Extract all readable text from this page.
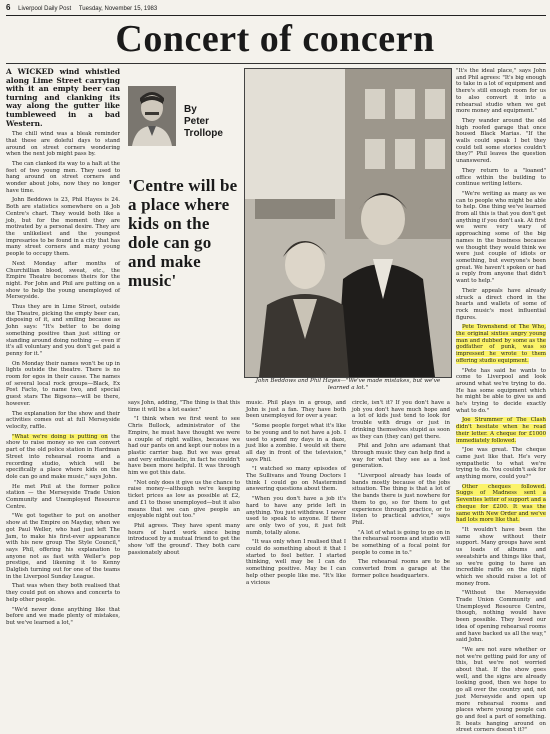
6 Liverpool Daily Post Tuesday, November 15, 1983
Concert of concern

A WICKED wind whistled along Lime Street carrying with it an empty beer can turning and clanking its way along the gutter like tumbleweed in a bad Western.

The chill wind was a bleak reminder that these are doleful days to stand around on street corners wondering when the next job might pass by.

The can clanked its way to a halt at the feet of two young men. They used to hang around on street corners and wonder about jobs, now they no longer have time.

John Beddows is 23, Phil Hayes is 24. Both are statistics somewhere on a Job Centre's chart. They would both like a job, but for the moment they are motivated by a personal desire. They are the unlikeliest and the youngest impresarios to be found in a city that has many street corners and many young people to occupy them.

Next Monday after months of Churchillian blood, sweat, etc., the Empire Theatre becomes theirs for the night. For John and Phil are putting on a show to help the young unemployed of Merseyside.

Thus they are in Lime Street, outside the Theatre, picking the empty beer can, disposing of it, and smiling because as John says: "It's better to be doing something positive than just sitting or standing around doing nothing — even if it's all voluntary and you don't get paid a penny for it."

On Monday their names won't be up in lights outside the theatre. There is no room for egos in their cause. The names of several local rock groups—Black, Ex Post Facto, to name two, and special guest stars The Bigsons—will be there, however.

The explanation for the show and their activities comes out at full Merseyside velocity, raffle.

"What we're doing is putting on the show to raise money so we can convert part of the old police station in Hardman Street into rehearsal rooms and a recording studio, which will be specifically a place where kids on the dole can go and make music," says John.

He met Phil at the former police station — the Merseyside Trade Union Community and Unemployed Resource Centre.

"We got together to put on another show at the Empire on Mayday, when we got Paul Weller, who had just left The Jam, to make his first-ever appearance with his new group The Style Council," says Phil, offering his explanation to anyone not as fast with Weller's pop prestige, and likening it to Kenny Dalglish turning out for one of the teams in the Liverpool Sunday League.

That was when they both realised that they could put on shows and concerts to help other people.

"We'd never done anything like that before and we made plenty of mistakes, but we've learned a lot,"

By
Peter
Trollope
'Centre will be a place where kids on the dole can go and make music'
John Beddows and Phil Hayes—"We've made mistakes, but we've learned a lot."

says John, adding, "The thing is that this time it will be a lot easier."

"I think when we first went to see Chris Bullock, administrator of the Empire, he must have thought we were a couple of right wallies, because we had our pants on and kept our notes in a plastic carrier bag. But we was great and very enthusiastic, in fact he couldn't have been more helpful. It was through him we got this date.

"Not only does it give us the chance to raise money—although we're keeping ticket prices as low as possible at £2, and £1 to those unemployed—but it also means that we can give people an enjoyable night out too."

Phil agrees. They have spent many hours of hard work since being introduced by a mutual friend to get the show 'off the ground'. They both care passionately about

music. Phil plays in a group, and John is just a fan. They have both been unemployed for over a year.

"Some people forget what it's like to be young and to not have a job. I used to spend my days in a daze, just like a zombie. I would sit there all day in front of the television," says Phil.

"I watched so many episodes of The Sullivans and Young Doctors I think I could go on Mastermind answering questions about them.

"When you don't have a job it's hard to have any pride left in anything. You just withdraw. I never used to speak to anyone. If there are only two of you, it just felt numb, totally alone.

"It was only when I realised that I could do something about it that I started to feel better. I started thinking, well may be I can do something positive. May be I can help other people like me. "It's like a vicious

circle, isn't it? If you don't have a job you don't have much hope and a lot of kids just tend to look for trouble with drugs or just in drinking themselves stupid as soon as they can (they can) get there.

Phil and John are adamant that through music they can help find a way for what they see as a lost generation.

"Liverpool already has loads of bands mostly because of the jobs situation. The thing is that a lot of the bands there is just nowhere for them to go, so for them to get experience through practice, or to listen to practical advice," says Phil.

"A lot of what is going to go on in the rehearsal rooms and studio will be something of a focal point for people to come in to."

The rehearsal rooms are to be converted from a garage at the former police headquarters.

"It's the ideal place," says John and Phil agrees: "It's big enough to take in a lot of equipment and there's still enough room for us to also convert it into a rehearsal studio when we get more money and equipment."

They wander around the old high roofed garage that once housed Black Marias. "If the walls could speak I bet they could tell some stories couldn't they?" Phil leaves the question unanswered.

They return to a "loaned" office within the building to continue writing letters.

"We're writing as many as we can to people who might be able to help. One thing we've learned from all this is that you don't get anything if you don't ask. At first we were very wary of approaching some of the big names in the business because we thought they would think we were just couple of idiots or something, but everyone's been great. We haven't spoken or had a reply from anyone that didn't want to help."

Their appeals have already struck a direct chord in the hearts and wallets of some of rock music's most influential figures.

Pete Townshend of The Who, the original sixties angry young man and dubbed by some as the godfather of punk, was so impressed he wrote to them offering studio equipment.

"Pete has said he wants to come to Liverpool and look around what we're trying to do. He has some equipment which he might be able to give us and he's trying to decide exactly what to do."

Joe Strummer of The Clash didn't hesitate when he read their letter. A cheque for £1000 immediately followed.

"Joe was great. The cheque came just like that. He's very sympathetic to what we're trying to do. You couldn't ask for anything more, could you?"

Other cheques followed. Suggs of Madness sent a Seventies letter of support and a cheque for £200. It was the same with New Order and we've had lots more like that.

"It wouldn't have been the same show without their support. Many groups have sent us loads of albums and sweatshirts and things like that, so we're going to have an incredible raffle on the night which we should raise a lot of money from.

"Without the Merseyside Trade Union Community and Unemployed Resource Centre, though, nothing would have been possible. They loved our idea of opening rehearsal rooms and have backed us all the way," said John.

"We are not sure whether or not we're getting paid for any of this, but we're not worried about that. If the show goes well, and the signs are already looking good, then we hope to go all over the country and, not just Merseyside and open up more rehearsal rooms and places where young people can go and feel a part of something. It beats hanging around on street corners doesn't it?"
